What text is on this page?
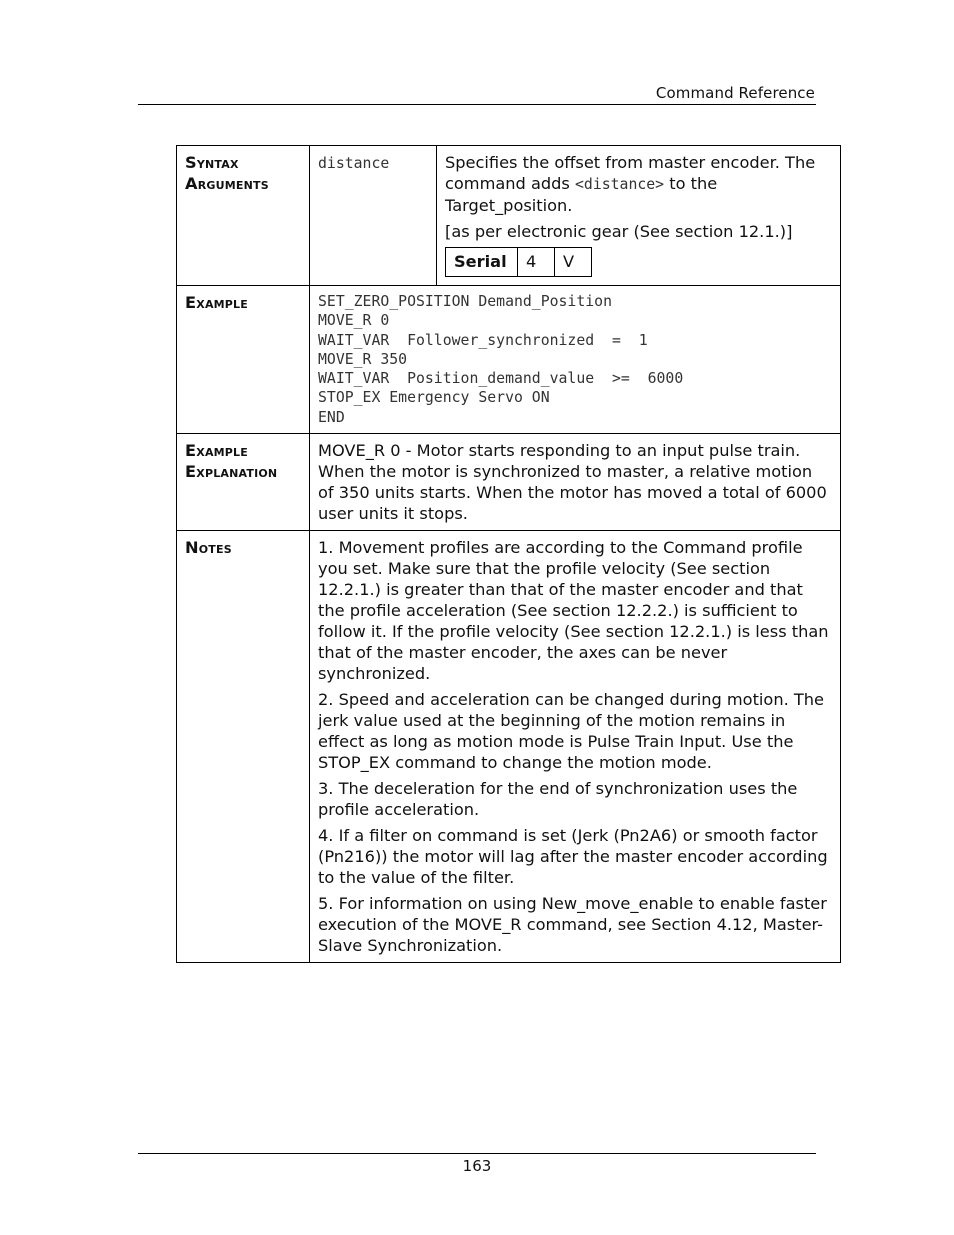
Command Reference
Syntax
Arguments
	distance	Specifies the offset from master encoder. The command adds <distance> to the Target_position.

[as per electronic gear (See section 12.1.)]

Serial	4	V

Example	SET_ZERO_POSITION Demand_Position
MOVE_R 0
WAIT_VAR  Follower_synchronized  =  1
MOVE_R 350
WAIT_VAR  Position_demand_value  >=  6000
STOP_EX Emergency Servo ON
END

Example
Explanation
	MOVE_R 0 - Motor starts responding to an input pulse train. When the motor is synchronized to master, a relative motion of 350 units starts. When the motor has moved a total of 6000 user units it stops.

Notes	1. Movement profiles are according to the Command profile you set. Make sure that the profile velocity (See section 12.2.1.) is greater than that of the master encoder and that the profile acceleration (See section 12.2.2.) is sufficient to follow it. If the profile velocity (See section 12.2.1.) is less than that of the master encoder, the axes can be never synchronized.

2. Speed and acceleration can be changed during motion. The jerk value used at the beginning of the motion remains in effect as long as motion mode is Pulse Train Input. Use the STOP_EX command to change the motion mode.

3. The deceleration for the end of synchronization uses the profile acceleration.

4. If a filter on command is set (Jerk (Pn2A6) or smooth factor (Pn216)) the motor will lag after the master encoder according to the value of the filter.

5. For information on using New_move_enable to enable faster execution of the MOVE_R command, see Section 4.12, Master-Slave Synchronization.

163
